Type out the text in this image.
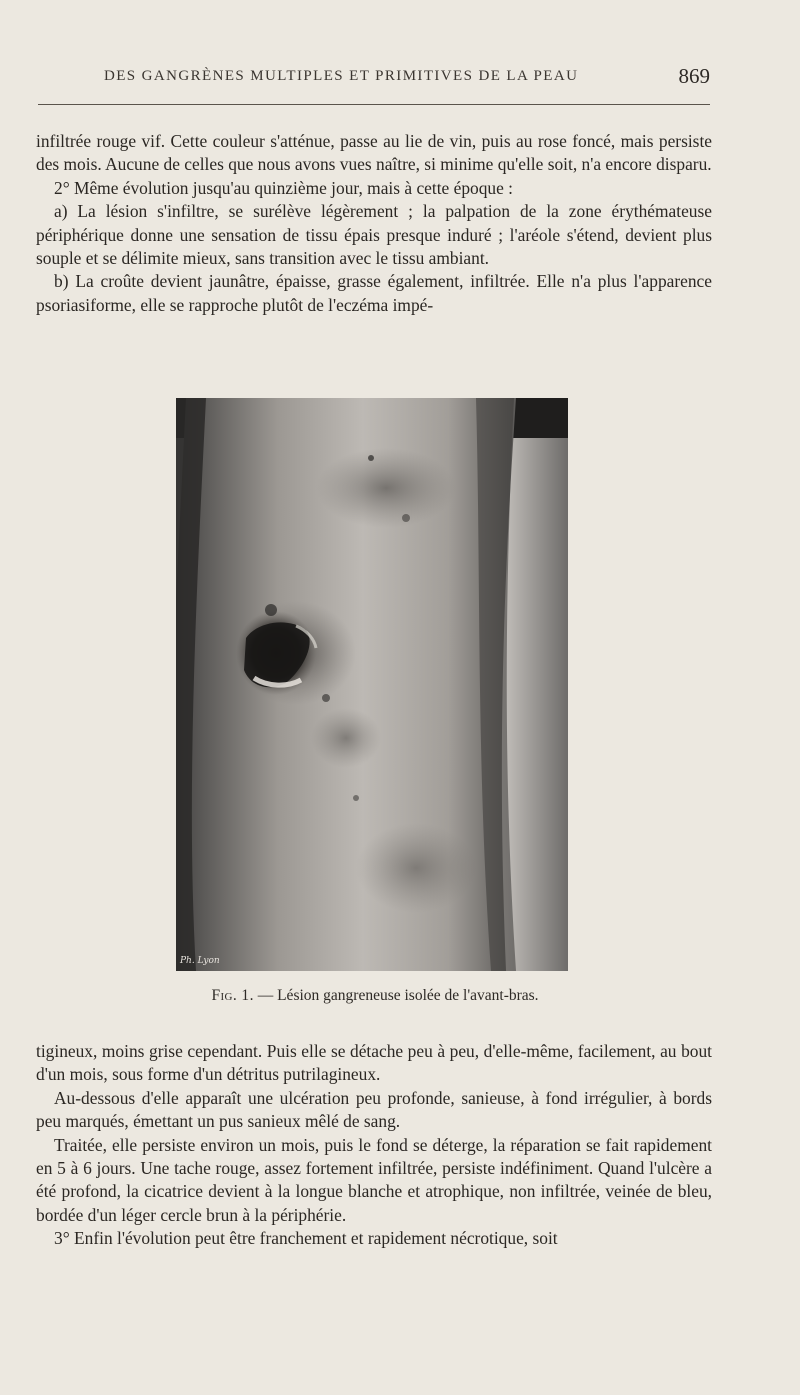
DES GANGRÈNES MULTIPLES ET PRIMITIVES DE LA PEAU	869

infiltrée rouge vif. Cette couleur s'atténue, passe au lie de vin, puis au rose foncé, mais persiste des mois. Aucune de celles que nous avons vues naître, si minime qu'elle soit, n'a encore disparu.

2° Même évolution jusqu'au quinzième jour, mais à cette époque :

a) La lésion s'infiltre, se surélève légèrement ; la palpation de la zone érythémateuse périphérique donne une sensation de tissu épais presque induré ; l'aréole s'étend, devient plus souple et se délimite mieux, sans transition avec le tissu ambiant.

b) La croûte devient jaunâtre, épaisse, grasse également, infiltrée. Elle n'a plus l'apparence psoriasiforme, elle se rapproche plutôt de l'eczéma impé-

Ph. Lyon
Fig. 1. — Lésion gangreneuse isolée de l'avant-bras.

tigineux, moins grise cependant. Puis elle se détache peu à peu, d'elle-même, facilement, au bout d'un mois, sous forme d'un détritus putrilagineux.

Au-dessous d'elle apparaît une ulcération peu profonde, sanieuse, à fond irrégulier, à bords peu marqués, émettant un pus sanieux mêlé de sang.

Traitée, elle persiste environ un mois, puis le fond se déterge, la réparation se fait rapidement en 5 à 6 jours. Une tache rouge, assez fortement infiltrée, persiste indéfiniment. Quand l'ulcère a été profond, la cicatrice devient à la longue blanche et atrophique, non infiltrée, veinée de bleu, bordée d'un léger cercle brun à la périphérie.

3° Enfin l'évolution peut être franchement et rapidement nécrotique, soit
